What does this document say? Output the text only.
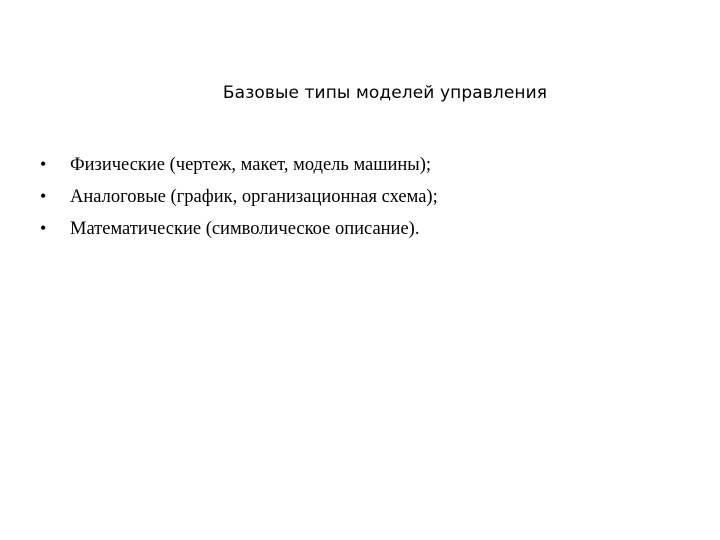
Базовые типы моделей управления
•	Физические (чертеж, макет, модель машины);
•	Аналоговые (график, организационная схема);
•	Математические (символическое описание).
